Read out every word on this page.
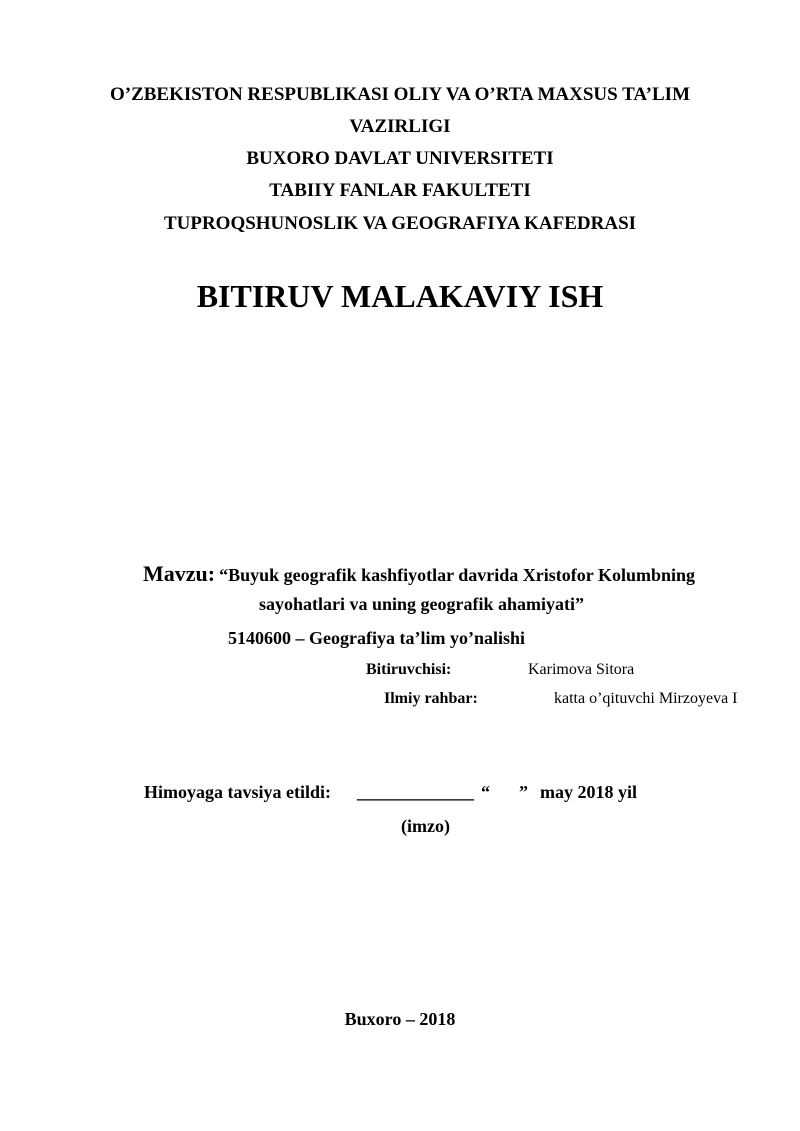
O’ZBEKISTON RESPUBLIKASI OLIY VA O’RTA MAXSUS TA’LIM
VAZIRLIGI
BUXORO DAVLAT UNIVERSITETI
TABIIY FANLAR FAKULTETI
TUPROQSHUNOSLIK VA GEOGRAFIYA KAFEDRASI
BITIRUV MALAKAVIY ISH
Mavzu: “Buyuk geografik kashfiyotlar davrida Xristofor Kolumbning
sayohatlari va uning geografik ahamiyati”
5140600 – Geografiya ta’lim yo’nalishi
Bitiruvchisi:	Karimova Sitora
Ilmiy rahbar:	katta o’qituvchi Mirzoyeva I
Himoyaga tavsiya etildi: _____________ “ ” may 2018 yil
(imzo)
Buxoro – 2018
